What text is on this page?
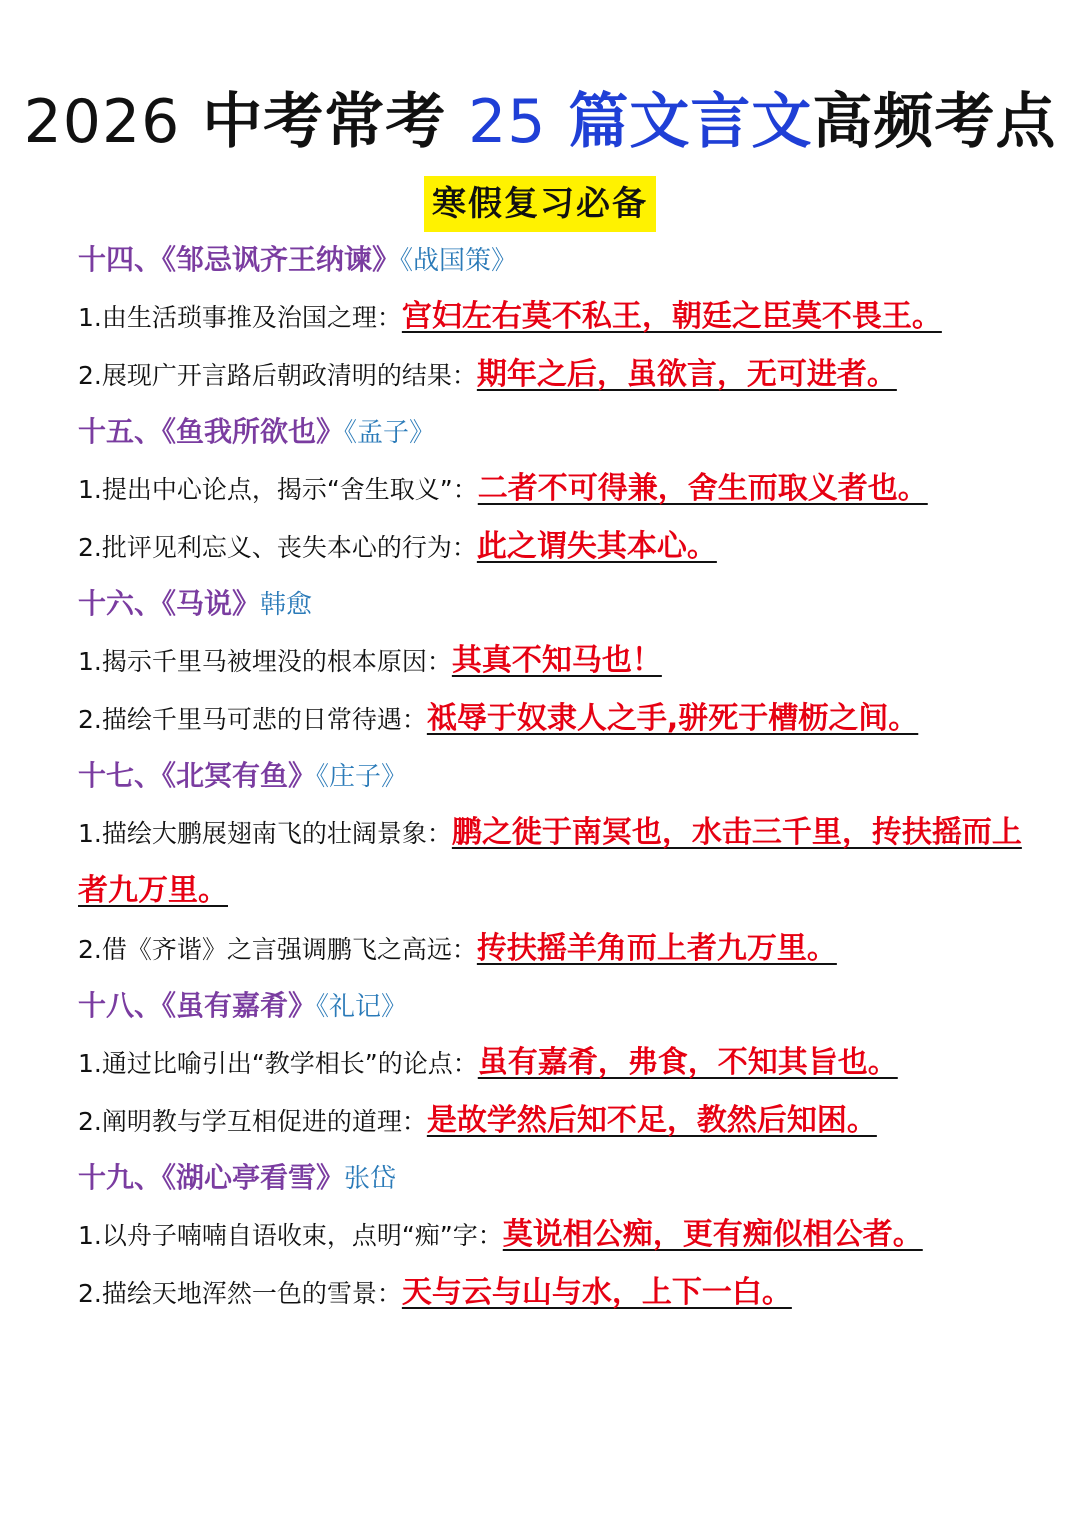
2026 中考常考 25 篇文言文高频考点
寒假复习必备
十四、《邹忌讽齐王纳谏》《战国策》
1.由生活琐事推及治国之理：宫妇左右莫不私王，朝廷之臣莫不畏王。
2.展现广开言路后朝政清明的结果：期年之后，虽欲言，无可进者。
十五、《鱼我所欲也》《孟子》
1.提出中心论点，揭示“舍生取义”：二者不可得兼，舍生而取义者也。
2.批评见利忘义、丧失本心的行为：此之谓失其本心。
十六、《马说》韩愈
1.揭示千里马被埋没的根本原因：其真不知马也！
2.描绘千里马可悲的日常待遇：祗辱于奴隶人之手,骈死于槽枥之间。
十七、《北冥有鱼》《庄子》
1.描绘大鹏展翅南飞的壮阔景象：鹏之徙于南冥也，水击三千里，抟扶摇而上者九万里。
2.借《齐谐》之言强调鹏飞之高远：抟扶摇羊角而上者九万里。
十八、《虽有嘉肴》《礼记》
1.通过比喻引出“教学相长”的论点：虽有嘉肴，弗食，不知其旨也。
2.阐明教与学互相促进的道理：是故学然后知不足，教然后知困。
十九、《湖心亭看雪》张岱
1.以舟子喃喃自语收束，点明“痴”字：莫说相公痴，更有痴似相公者。
2.描绘天地浑然一色的雪景：天与云与山与水，上下一白。
